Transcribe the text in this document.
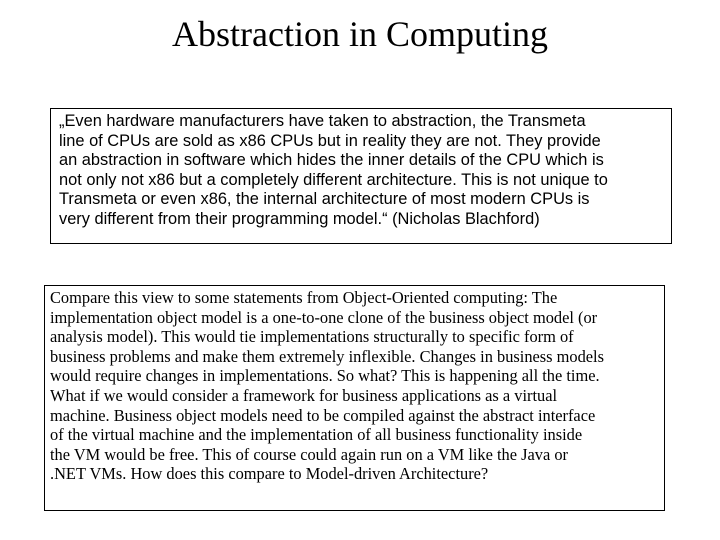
Abstraction in Computing

„Even hardware manufacturers have taken to abstraction, the Transmeta

line of CPUs are sold as x86 CPUs but in reality they are not. They provide

an abstraction in software which hides the inner details of the CPU which is

not only not x86 but a completely different architecture. This is not unique to

Transmeta or even x86, the internal architecture of most modern CPUs is

very different from their programming model.“ (Nicholas Blachford)

Compare this view to some statements from Object-Oriented computing: The

implementation object model is a one-to-one clone of the business object model (or

analysis model). This would tie implementations structurally to specific form of

business problems and make them extremely inflexible. Changes in business models

would require changes in implementations. So what? This is happening all the time.

What if we would consider a framework for business applications as a virtual

machine. Business object models need to be compiled against the abstract interface

of the virtual machine and the implementation of all business functionality inside

the VM would be free. This of course could again run on a VM like the Java or

.NET VMs. How does this compare to Model-driven Architecture?
